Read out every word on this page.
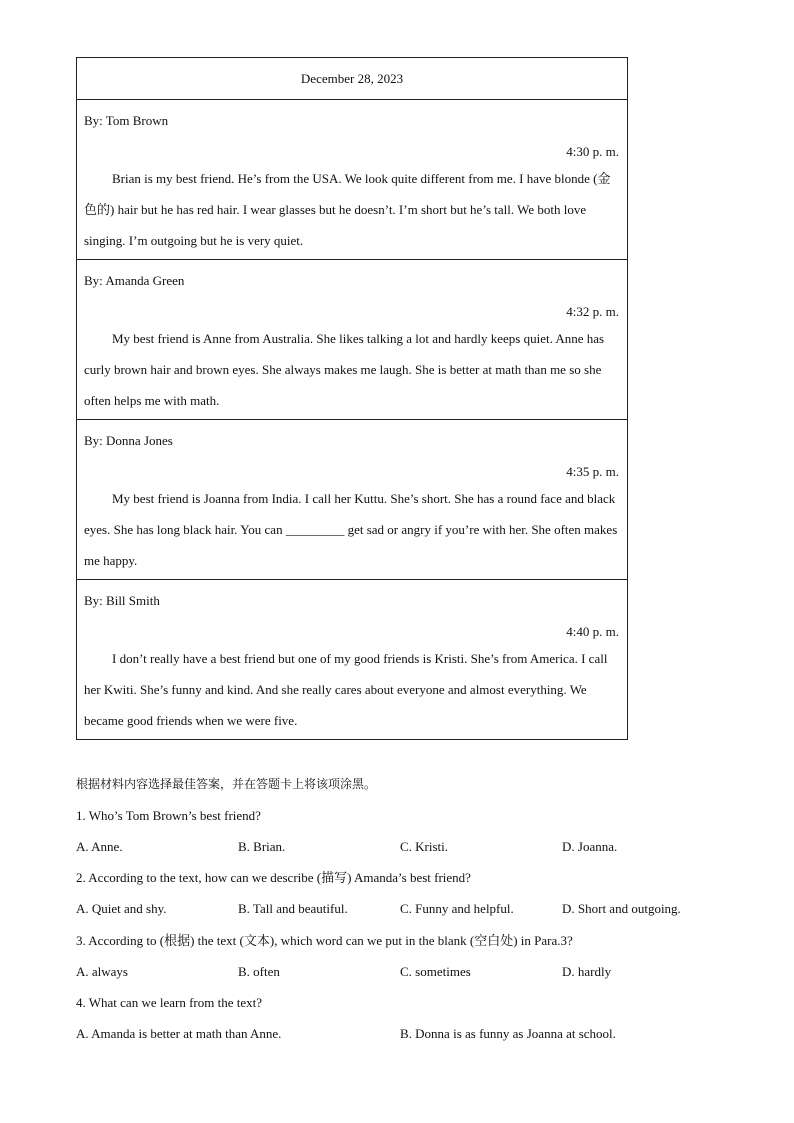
December 28, 2023

By: Tom Brown
4:30 p. m.
Brian is my best friend. He’s from the USA. We look quite different from me. I have blonde (金色的) hair but he has red hair. I wear glasses but he doesn’t. I’m short but he’s tall. We both love singing. I’m outgoing but he is very quiet.

By: Amanda Green
4:32 p. m.
My best friend is Anne from Australia. She likes talking a lot and hardly keeps quiet. Anne has curly brown hair and brown eyes. She always makes me laugh. She is better at math than me so she often helps me with math.

By: Donna Jones
4:35 p. m.
My best friend is Joanna from India. I call her Kuttu. She’s short. She has a round face and black eyes. She has long black hair. You can _________ get sad or angry if you’re with her. She often makes me happy.

By: Bill Smith
4:40 p. m.
I don’t really have a best friend but one of my good friends is Kristi. She’s from America. I call her Kwiti. She’s funny and kind. And she really cares about everyone and almost everything. We became good friends when we were five.
根据材料内容选择最佳答案，并在答题卡上将该项涂黑。
1. Who’s Tom Brown’s best friend?
A. Anne.	B. Brian.	C. Kristi.	D. Joanna.
2. According to the text, how can we describe (描写) Amanda’s best friend?
A. Quiet and shy.	B. Tall and beautiful.	C. Funny and helpful.	D. Short and outgoing.
3. According to (根据) the text (文本), which word can we put in the blank (空白处) in Para.3?
A. always	B. often	C. sometimes	D. hardly
4. What can we learn from the text?
A. Amanda is better at math than Anne.	B. Donna is as funny as Joanna at school.
